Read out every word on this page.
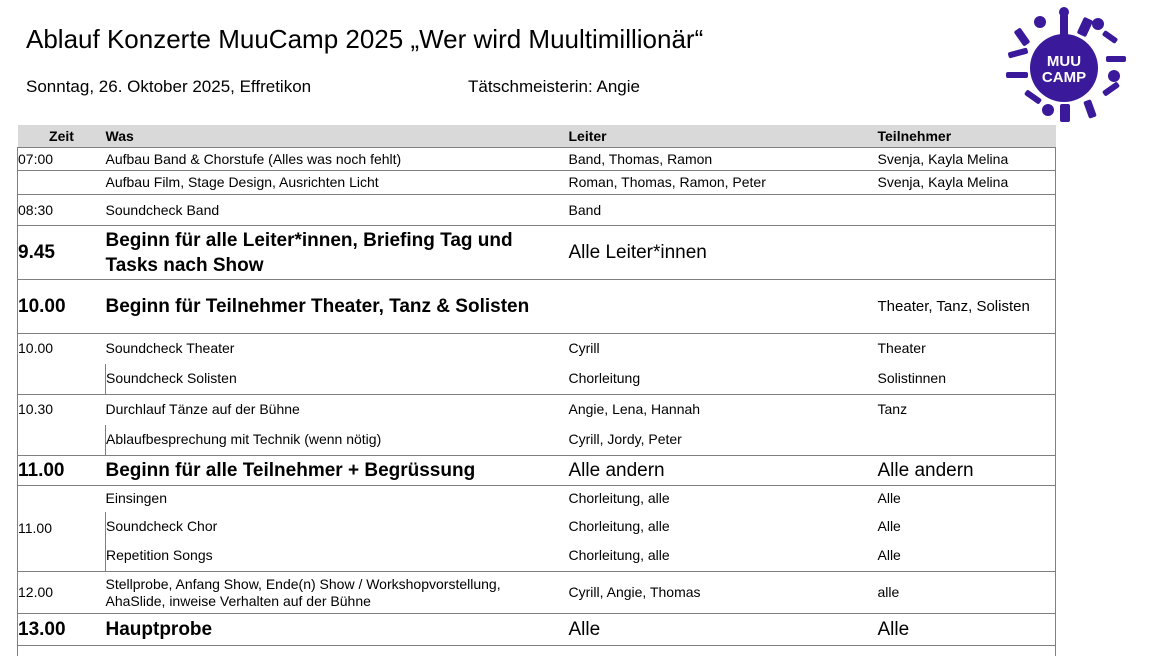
Ablauf Konzerte MuuCamp 2025 „Wer wird Muultimillionär“
Sonntag, 26. Oktober 2025, Effretikon	Tätschmeisterin: Angie
MUU
CAMP
Zeit	Was	Leiter	Teilnehmer
07:00	Aufbau Band & Chorstufe (Alles was noch fehlt)	Band, Thomas, Ramon	Svenja, Kayla Melina
	Aufbau Film, Stage Design, Ausrichten Licht	Roman, Thomas, Ramon, Peter	Svenja, Kayla Melina
08:30	Soundcheck Band	Band	
9.45	Beginn für alle Leiter*innen, Briefing Tag und Tasks nach Show	Alle Leiter*innen	
10.00	Beginn für Teilnehmer Theater, Tanz & Solisten		Theater, Tanz, Solisten
10.00	Soundcheck Theater	Cyrill	Theater
	Soundcheck Solisten	Chorleitung	Solistinnen
10.30	Durchlauf Tänze auf der Bühne	Angie, Lena, Hannah	Tanz
	Ablaufbesprechung mit Technik (wenn nötig)	Cyrill, Jordy, Peter	
11.00	Beginn für alle Teilnehmer + Begrüssung	Alle andern	Alle andern
11.00	Einsingen	Chorleitung, alle	Alle
	Soundcheck Chor	Chorleitung, alle	Alle
	Repetition Songs	Chorleitung, alle	Alle
12.00	Stellprobe, Anfang Show, Ende(n) Show / Workshopvorstellung, AhaSlide, inweise Verhalten auf der Bühne	Cyrill, Angie, Thomas	alle
13.00	Hauptprobe	Alle	Alle
